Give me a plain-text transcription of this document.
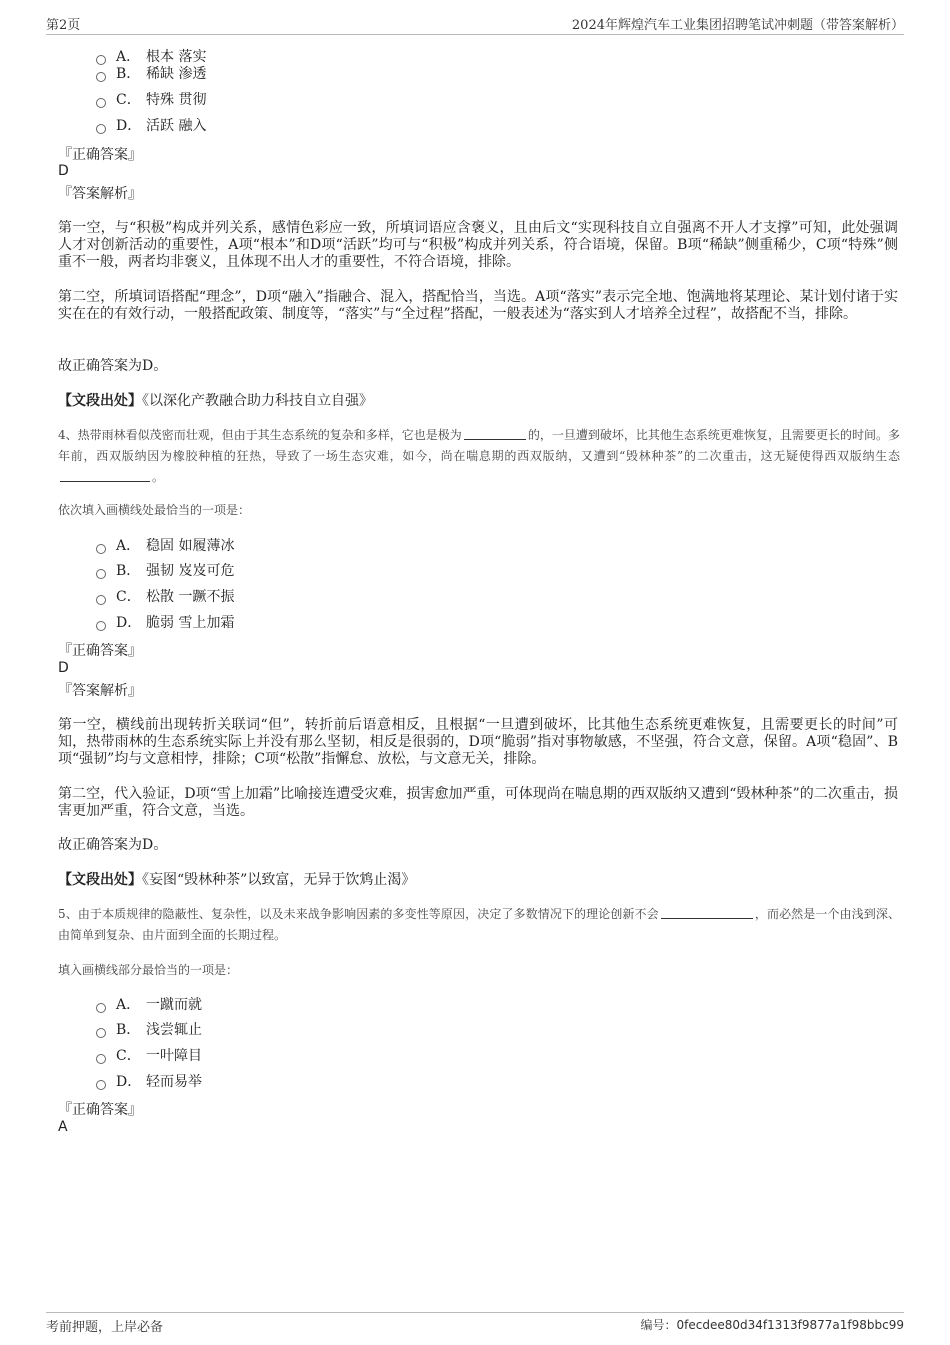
第2页	2024年辉煌汽车工业集团招聘笔试冲刺题（带答案解析）
A． 根本 落实
B． 稀缺 渗透
C． 特殊 贯彻
D． 活跃 融入
『正确答案』
D
『答案解析』
第一空，与“积极”构成并列关系，感情色彩应一致，所填词语应含褒义，且由后文“实现科技自立自强离不开人才支撑”可知，此处强调人才对创新活动的重要性，A项“根本”和D项“活跃”均可与“积极”构成并列关系，符合语境，保留。B项“稀缺”侧重稀少，C项“特殊”侧重不一般，两者均非褒义，且体现不出人才的重要性，不符合语境，排除。
第二空，所填词语搭配“理念”，D项“融入”指融合、混入，搭配恰当，当选。A项“落实”表示完全地、饱满地将某理论、某计划付诸于实实在在的有效行动，一般搭配政策、制度等，“落实”与“全过程”搭配，一般表述为“落实到人才培养全过程”，故搭配不当，排除。
故正确答案为D。
【文段出处】《以深化产教融合助力科技自立自强》
4、热带雨林看似茂密而壮观，但由于其生态系统的复杂和多样，它也是极为	的，一旦遭到破坏，比其他生态系统更难恢复，且需要更长的时间。多年前，西双版纳因为橡胶种植的狂热，导致了一场生态灾难，如今，尚在喘息期的西双版纳，又遭到“毁林种茶”的二次重击，这无疑使得西双版纳生态。
依次填入画横线处最恰当的一项是：
A． 稳固 如履薄冰
B． 强韧 岌岌可危
C． 松散 一蹶不振
D． 脆弱 雪上加霜
『正确答案』
D
『答案解析』
第一空，横线前出现转折关联词“但”，转折前后语意相反，且根据“一旦遭到破坏，比其他生态系统更难恢复，且需要更长的时间”可知，热带雨林的生态系统实际上并没有那么坚韧，相反是很弱的，D项“脆弱”指对事物敏感，不坚强，符合文意，保留。A项“稳固”、B项“强韧”均与文意相悖，排除；C项“松散”指懈怠、放松，与文意无关，排除。
第二空，代入验证，D项“雪上加霜”比喻接连遭受灾难，损害愈加严重，可体现尚在喘息期的西双版纳又遭到“毁林种茶”的二次重击，损害更加严重，符合文意，当选。
故正确答案为D。
【文段出处】《妄图“毁林种茶”以致富，无异于饮鸩止渴》
5、由于本质规律的隐蔽性、复杂性，以及未来战争影响因素的多变性等原因，决定了多数情况下的理论创新不会	，而必然是一个由浅到深、由简单到复杂、由片面到全面的长期过程。
填入画横线部分最恰当的一项是：
A． 一蹴而就
B． 浅尝辄止
C． 一叶障目
D． 轻而易举
『正确答案』
A
考前押题，上岸必备	编号：0fecdee80d34f1313f9877a1f98bbc99
